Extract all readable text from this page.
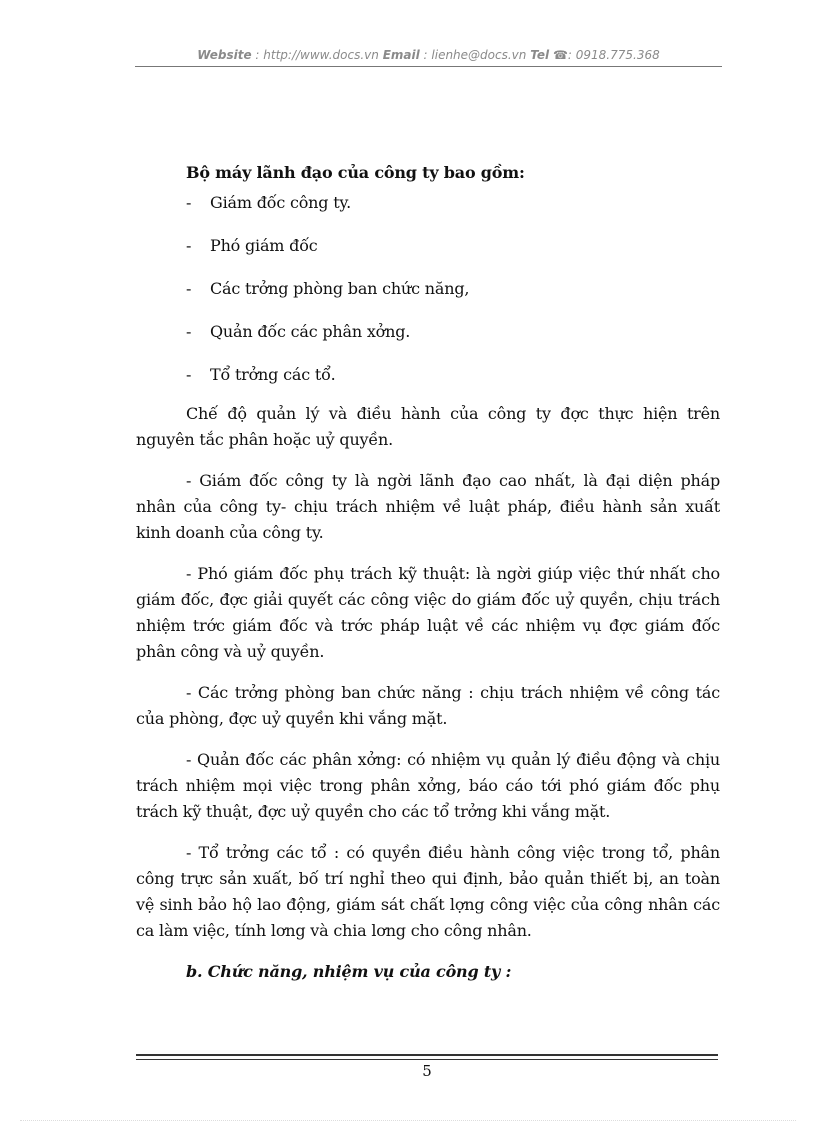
Website : http://www.docs.vn Email : lienhe@docs.vn Tel ☎: 0918.775.368

Bộ máy lãnh đạo của công ty bao gồm:

- Giám đốc công ty.

- Phó giám đốc

- Các trởng phòng ban chức năng,

- Quản đốc các phân xởng.

- Tổ trởng các tổ.

Chế độ quản lý và điều hành của công ty đợc thực hiện trên nguyên tắc phân hoặc uỷ quyền.

- Giám đốc công ty là ngời lãnh đạo cao nhất, là đại diện pháp nhân của công ty- chịu trách nhiệm về luật pháp, điều hành sản xuất kinh doanh của công ty.

- Phó giám đốc phụ trách kỹ thuật: là ngời giúp việc thứ nhất cho giám đốc, đợc giải quyết các công việc do giám đốc uỷ quyền, chịu trách nhiệm trớc giám đốc và trớc pháp luật về các nhiệm vụ đợc giám đốc phân công và uỷ quyền.

- Các trởng phòng ban chức năng : chịu trách nhiệm về công tác của phòng, đợc uỷ quyền khi vắng mặt.

- Quản đốc các phân xởng: có nhiệm vụ quản lý điều động và chịu trách nhiệm mọi việc trong phân xởng, báo cáo tới phó giám đốc phụ trách kỹ thuật, đợc uỷ quyền cho các tổ trởng khi vắng mặt.

- Tổ trởng các tổ : có quyền điều hành công việc trong tổ, phân công trực sản xuất, bố trí nghỉ theo qui định, bảo quản thiết bị, an toàn vệ sinh bảo hộ lao động, giám sát chất lợng công việc của công nhân các ca làm việc, tính lơng và chia lơng cho công nhân.

b. Chức năng, nhiệm vụ của công ty :

5
